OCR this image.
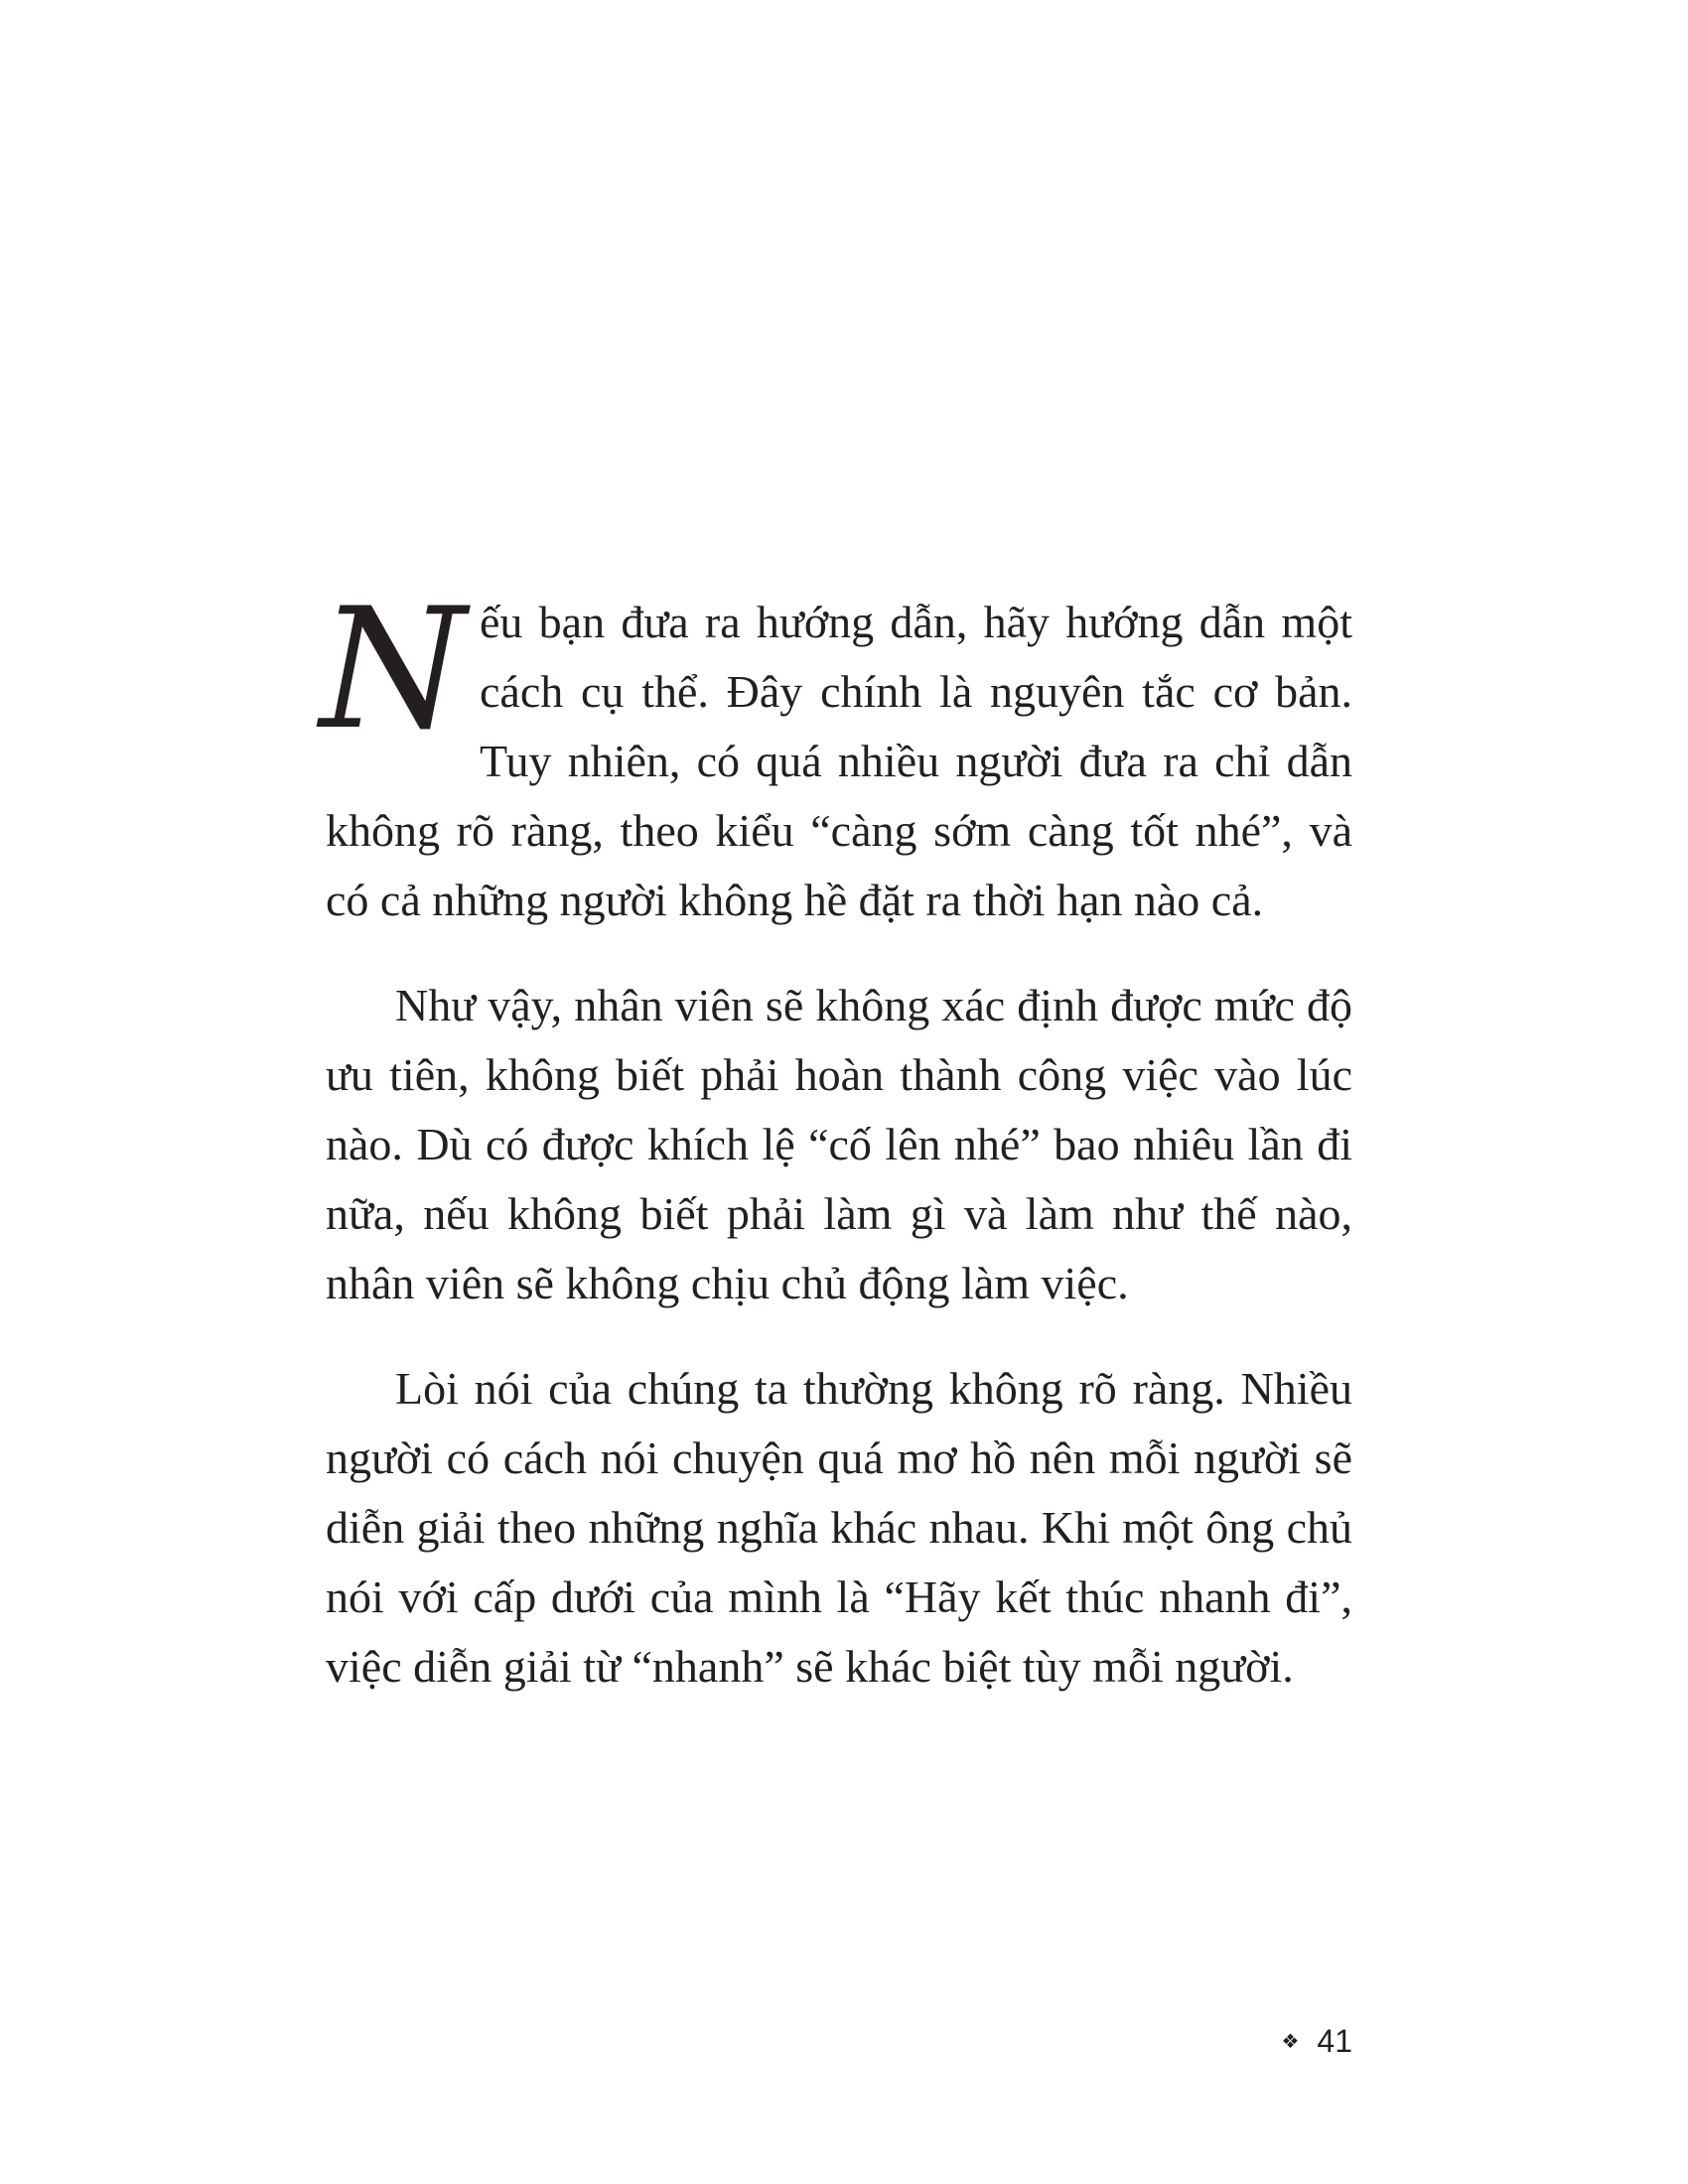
N ếu bạn đưa ra hướng dẫn, hãy hướng dẫn một cách cụ thể. Đây chính là nguyên tắc cơ bản. Tuy nhiên, có quá nhiều người đưa ra chỉ dẫn không rõ ràng, theo kiểu “càng sớm càng tốt nhé”, và có cả những người không hề đặt ra thời hạn nào cả.

Như vậy, nhân viên sẽ không xác định được mức độ ưu tiên, không biết phải hoàn thành công việc vào lúc nào. Dù có được khích lệ “cố lên nhé” bao nhiêu lần đi nữa, nếu không biết phải làm gì và làm như thế nào, nhân viên sẽ không chịu chủ động làm việc.

Lòi nói của chúng ta thường không rõ ràng. Nhiều người có cách nói chuyện quá mơ hồ nên mỗi người sẽ diễn giải theo những nghĩa khác nhau. Khi một ông chủ nói với cấp dưới của mình là “Hãy kết thúc nhanh đi”, việc diễn giải từ “nhanh” sẽ khác biệt tùy mỗi người.

❖ 41
